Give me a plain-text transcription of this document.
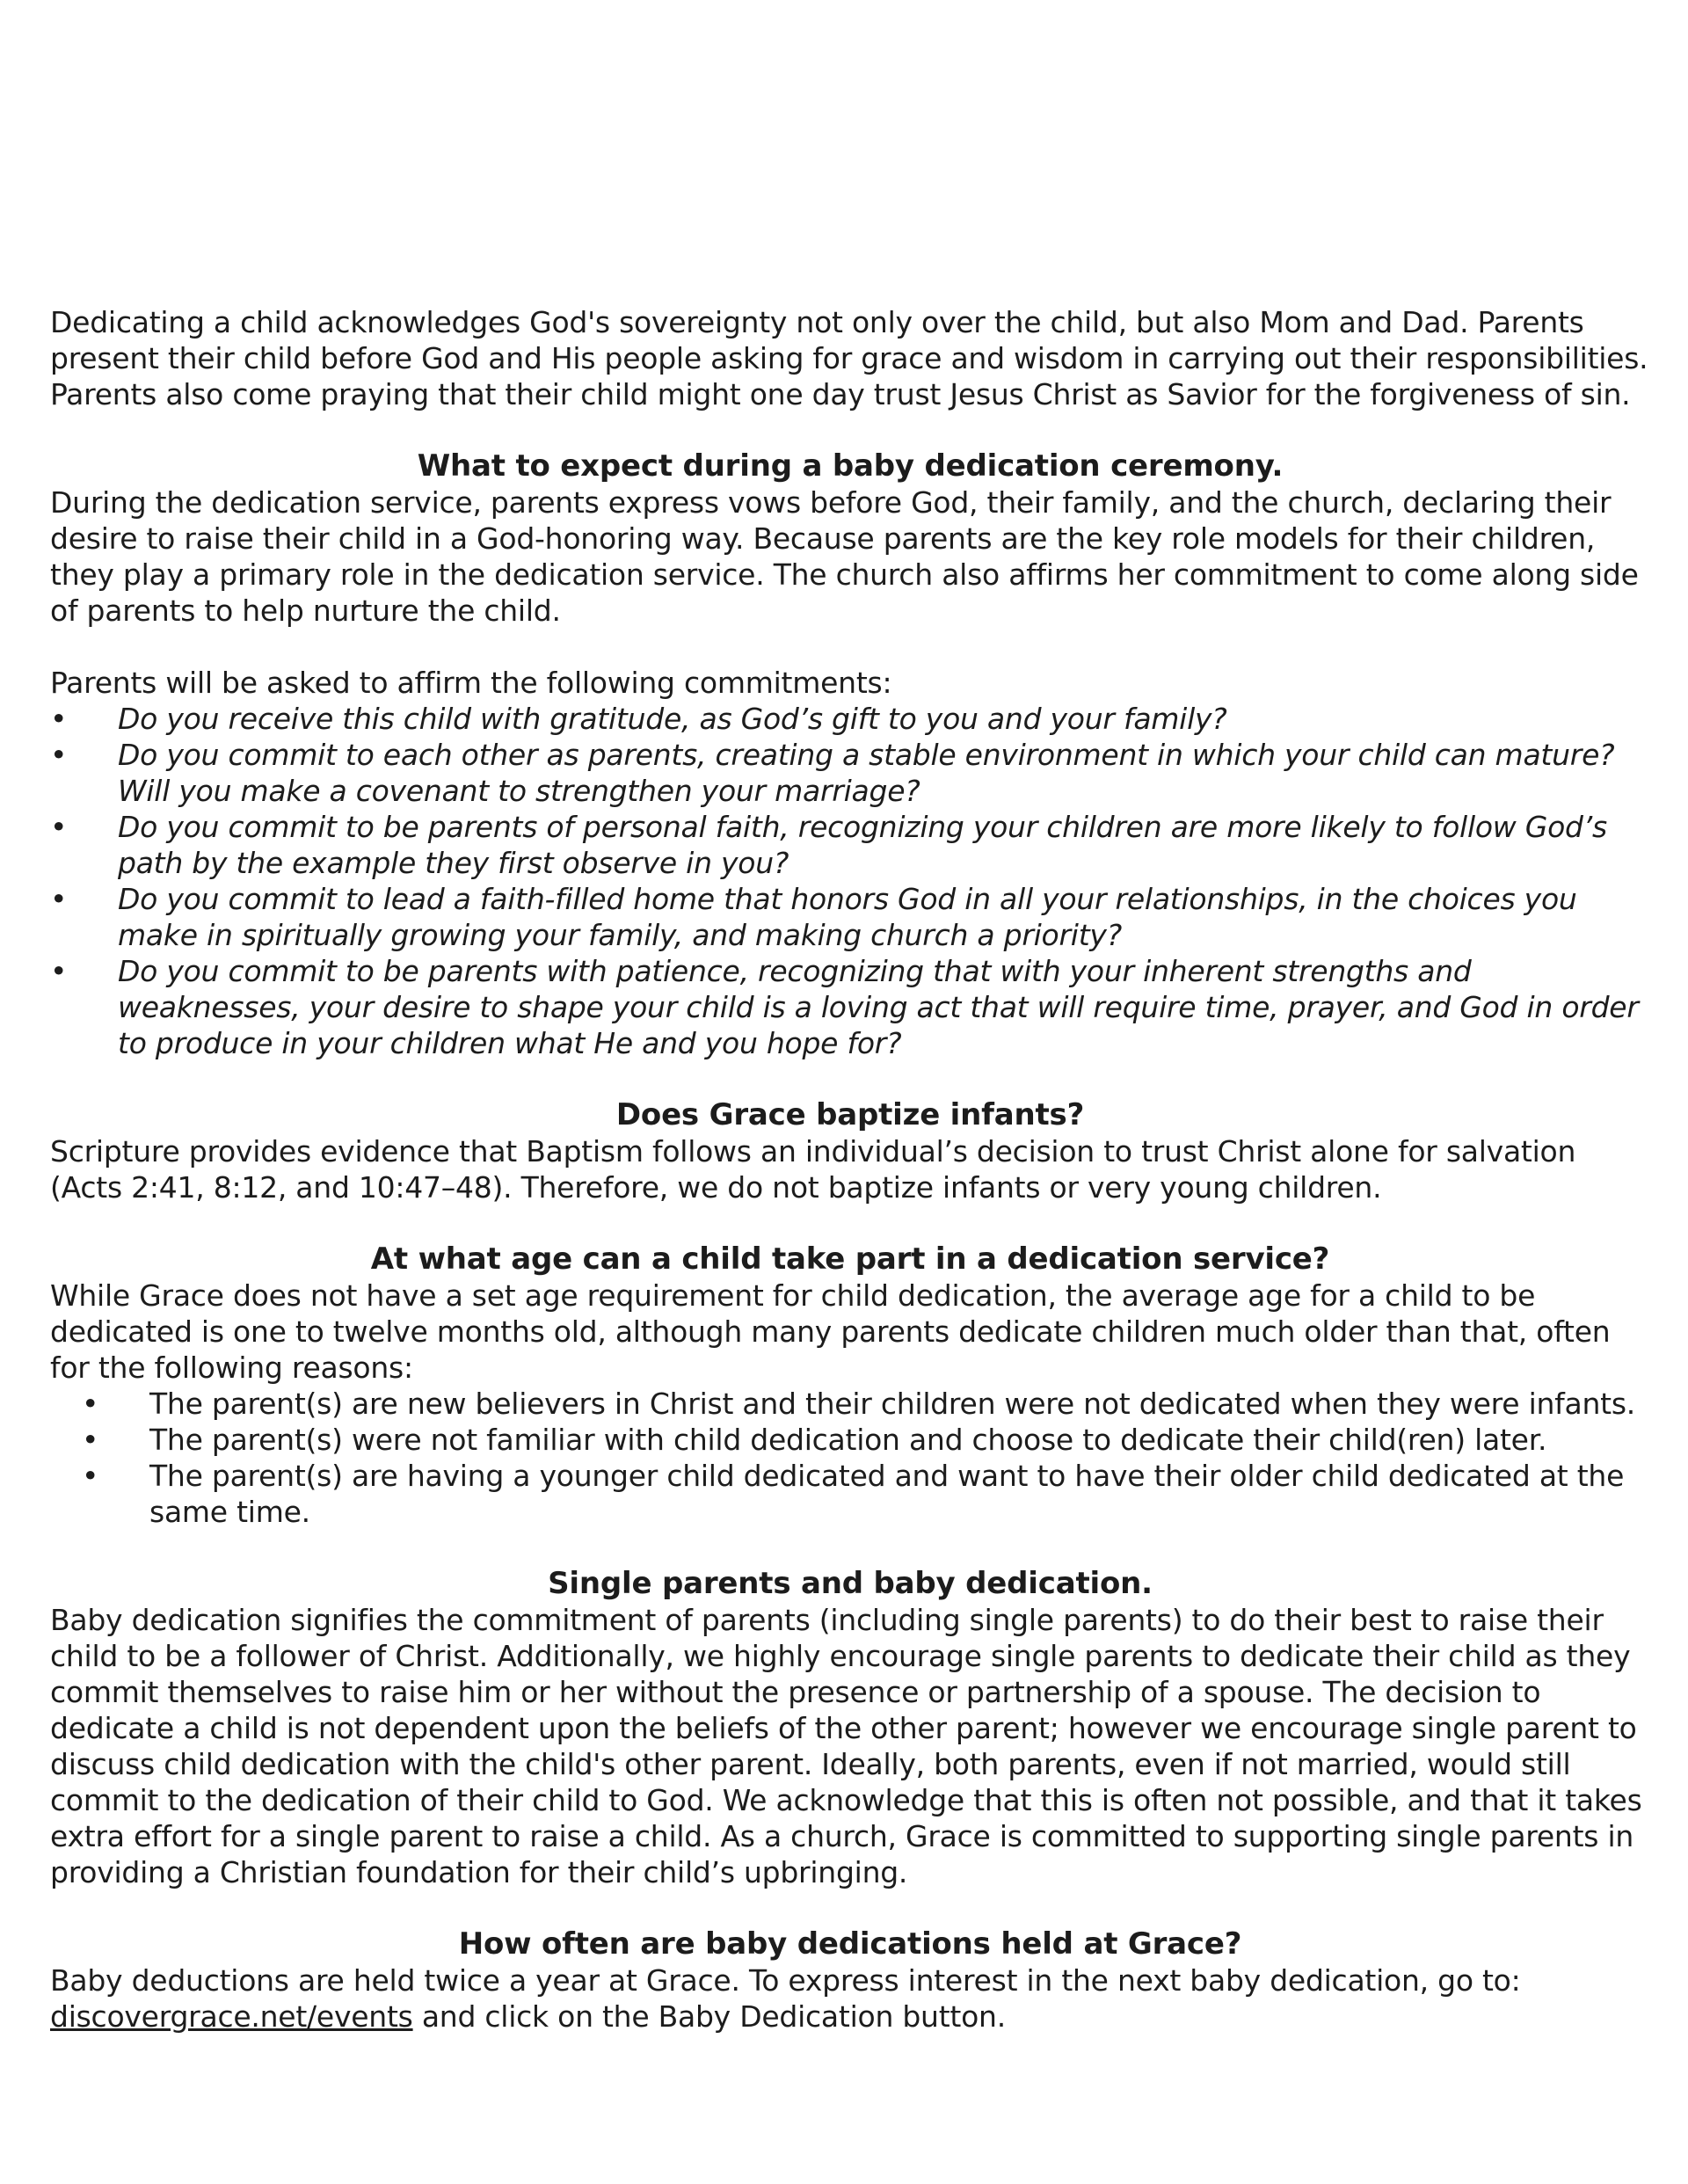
Dedicating a child acknowledges God's sovereignty not only over the child, but also Mom and Dad. Parents present their child before God and His people asking for grace and wisdom in carrying out their responsibilities. Parents also come praying that their child might one day trust Jesus Christ as Savior for the forgiveness of sin.

What to expect during a baby dedication ceremony.

During the dedication service, parents express vows before God, their family, and the church, declaring their desire to raise their child in a God-honoring way. Because parents are the key role models for their children, they play a primary role in the dedication service. The church also affirms her commitment to come along side of parents to help nurture the child.

Parents will be asked to affirm the following commitments:

• Do you receive this child with gratitude, as God’s gift to you and your family?
• Do you commit to each other as parents, creating a stable environment in which your child can mature? Will you make a covenant to strengthen your marriage?
• Do you commit to be parents of personal faith, recognizing your children are more likely to follow God’s path by the example they first observe in you?
• Do you commit to lead a faith-filled home that honors God in all your relationships, in the choices you make in spiritually growing your family, and making church a priority?
• Do you commit to be parents with patience, recognizing that with your inherent strengths and weaknesses, your desire to shape your child is a loving act that will require time, prayer, and God in order to produce in your children what He and you hope for?
Does Grace baptize infants?

Scripture provides evidence that Baptism follows an individual’s decision to trust Christ alone for salvation (Acts 2:41, 8:12, and 10:47–48). Therefore, we do not baptize infants or very young children.

At what age can a child take part in a dedication service?

While Grace does not have a set age requirement for child dedication, the average age for a child to be dedicated is one to twelve months old, although many parents dedicate children much older than that, often for the following reasons:

• The parent(s) are new believers in Christ and their children were not dedicated when they were infants.
• The parent(s) were not familiar with child dedication and choose to dedicate their child(ren) later.
• The parent(s) are having a younger child dedicated and want to have their older child dedicated at the same time.
Single parents and baby dedication.

Baby dedication signifies the commitment of parents (including single parents) to do their best to raise their child to be a follower of Christ. Additionally, we highly encourage single parents to dedicate their child as they commit themselves to raise him or her without the presence or partnership of a spouse. The decision to dedicate a child is not dependent upon the beliefs of the other parent; however we encourage single parent to discuss child dedication with the child's other parent. Ideally, both parents, even if not married, would still commit to the dedication of their child to God. We acknowledge that this is often not possible, and that it takes extra effort for a single parent to raise a child. As a church, Grace is committed to supporting single parents in providing a Christian foundation for their child’s upbringing.

How often are baby dedications held at Grace?

Baby deductions are held twice a year at Grace. To express interest in the next baby dedication, go to: discovergrace.net/events and click on the Baby Dedication button.
